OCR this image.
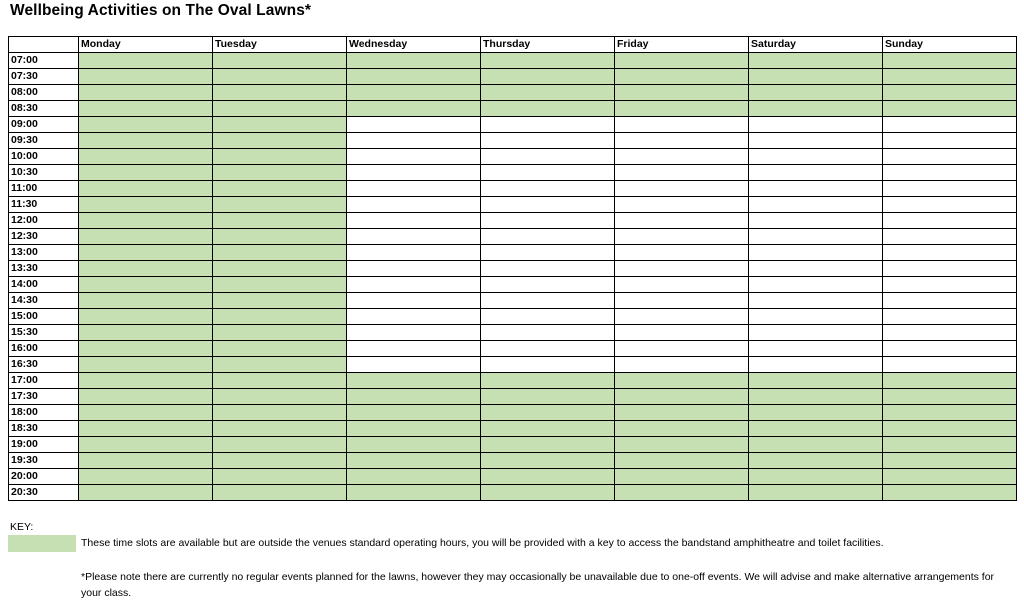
Wellbeing Activities on The Oval Lawns*
	Monday	Tuesday	Wednesday	Thursday	Friday	Saturday	Sunday
07:00							
07:30							
08:00							
08:30							
09:00							
09:30							
10:00							
10:30							
11:00							
11:30							
12:00							
12:30							
13:00							
13:30							
14:00							
14:30							
15:00							
15:30							
16:00							
16:30							
17:00							
17:30							
18:00							
18:30							
19:00							
19:30							
20:00							
20:30							
KEY:
These time slots are available but are outside the venues standard operating hours, you will be provided with a key to access the bandstand amphitheatre and toilet facilities.
*Please note there are currently no regular events planned for the lawns, however they may occasionally be unavailable due to one-off events. We will advise and make alternative arrangements for your class.
